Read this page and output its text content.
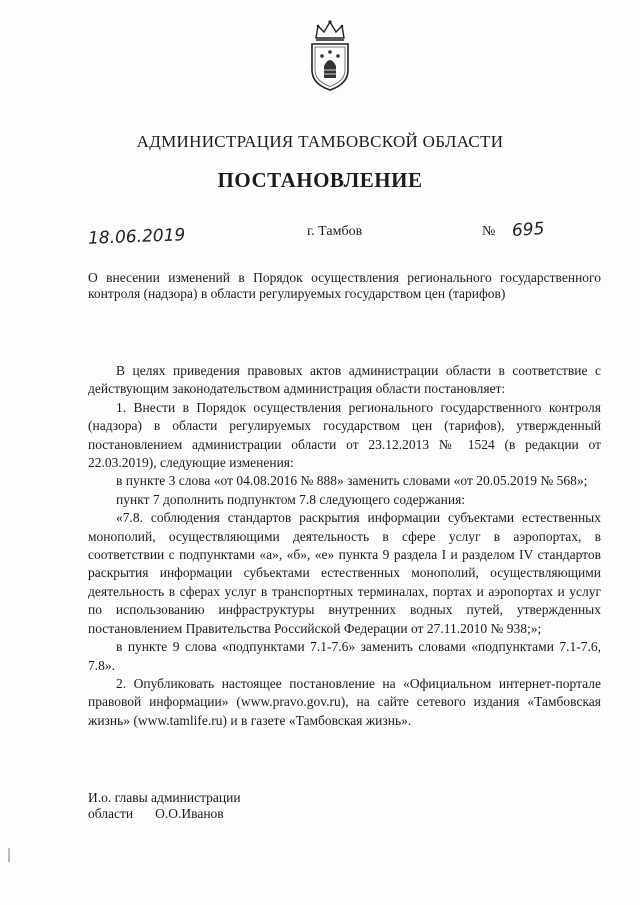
АДМИНИСТРАЦИЯ ТАМБОВСКОЙ ОБЛАСТИ
ПОСТАНОВЛЕНИЕ
18.06.2019	г. Тамбов	№ 695

О внесении изменений в Порядок осуществления регионального государственного контроля (надзора) в области регулируемых государством цен (тарифов)

В целях приведения правовых актов администрации области в соответствие с действующим законодательством администрация области постановляет:

1. Внести в Порядок осуществления регионального государственного контроля (надзора) в области регулируемых государством цен (тарифов), утвержденный постановлением администрации области от 23.12.2013 № 1524 (в редакции от 22.03.2019), следующие изменения:

в пункте 3 слова «от 04.08.2016 № 888» заменить словами «от 20.05.2019 № 568»;

пункт 7 дополнить подпунктом 7.8 следующего содержания:

«7.8. соблюдения стандартов раскрытия информации субъектами естественных монополий, осуществляющими деятельность в сфере услуг в аэропортах, в соответствии с подпунктами «а», «б», «е» пункта 9 раздела I и разделом IV стандартов раскрытия информации субъектами естественных монополий, осуществляющими деятельность в сферах услуг в транспортных терминалах, портах и аэропортах и услуг по использованию инфраструктуры внутренних водных путей, утвержденных постановлением Правительства Российской Федерации от 27.11.2010 № 938;»;

в пункте 9 слова «подпунктами 7.1-7.6» заменить словами «подпунктами 7.1-7.6, 7.8».

2. Опубликовать настоящее постановление на «Официальном интернет-портале правовой информации» (www.pravo.gov.ru), на сайте сетевого издания «Тамбовская жизнь» (www.tamlife.ru) и в газете «Тамбовская жизнь».

И.о. главы администрации
области О.О.Иванов
